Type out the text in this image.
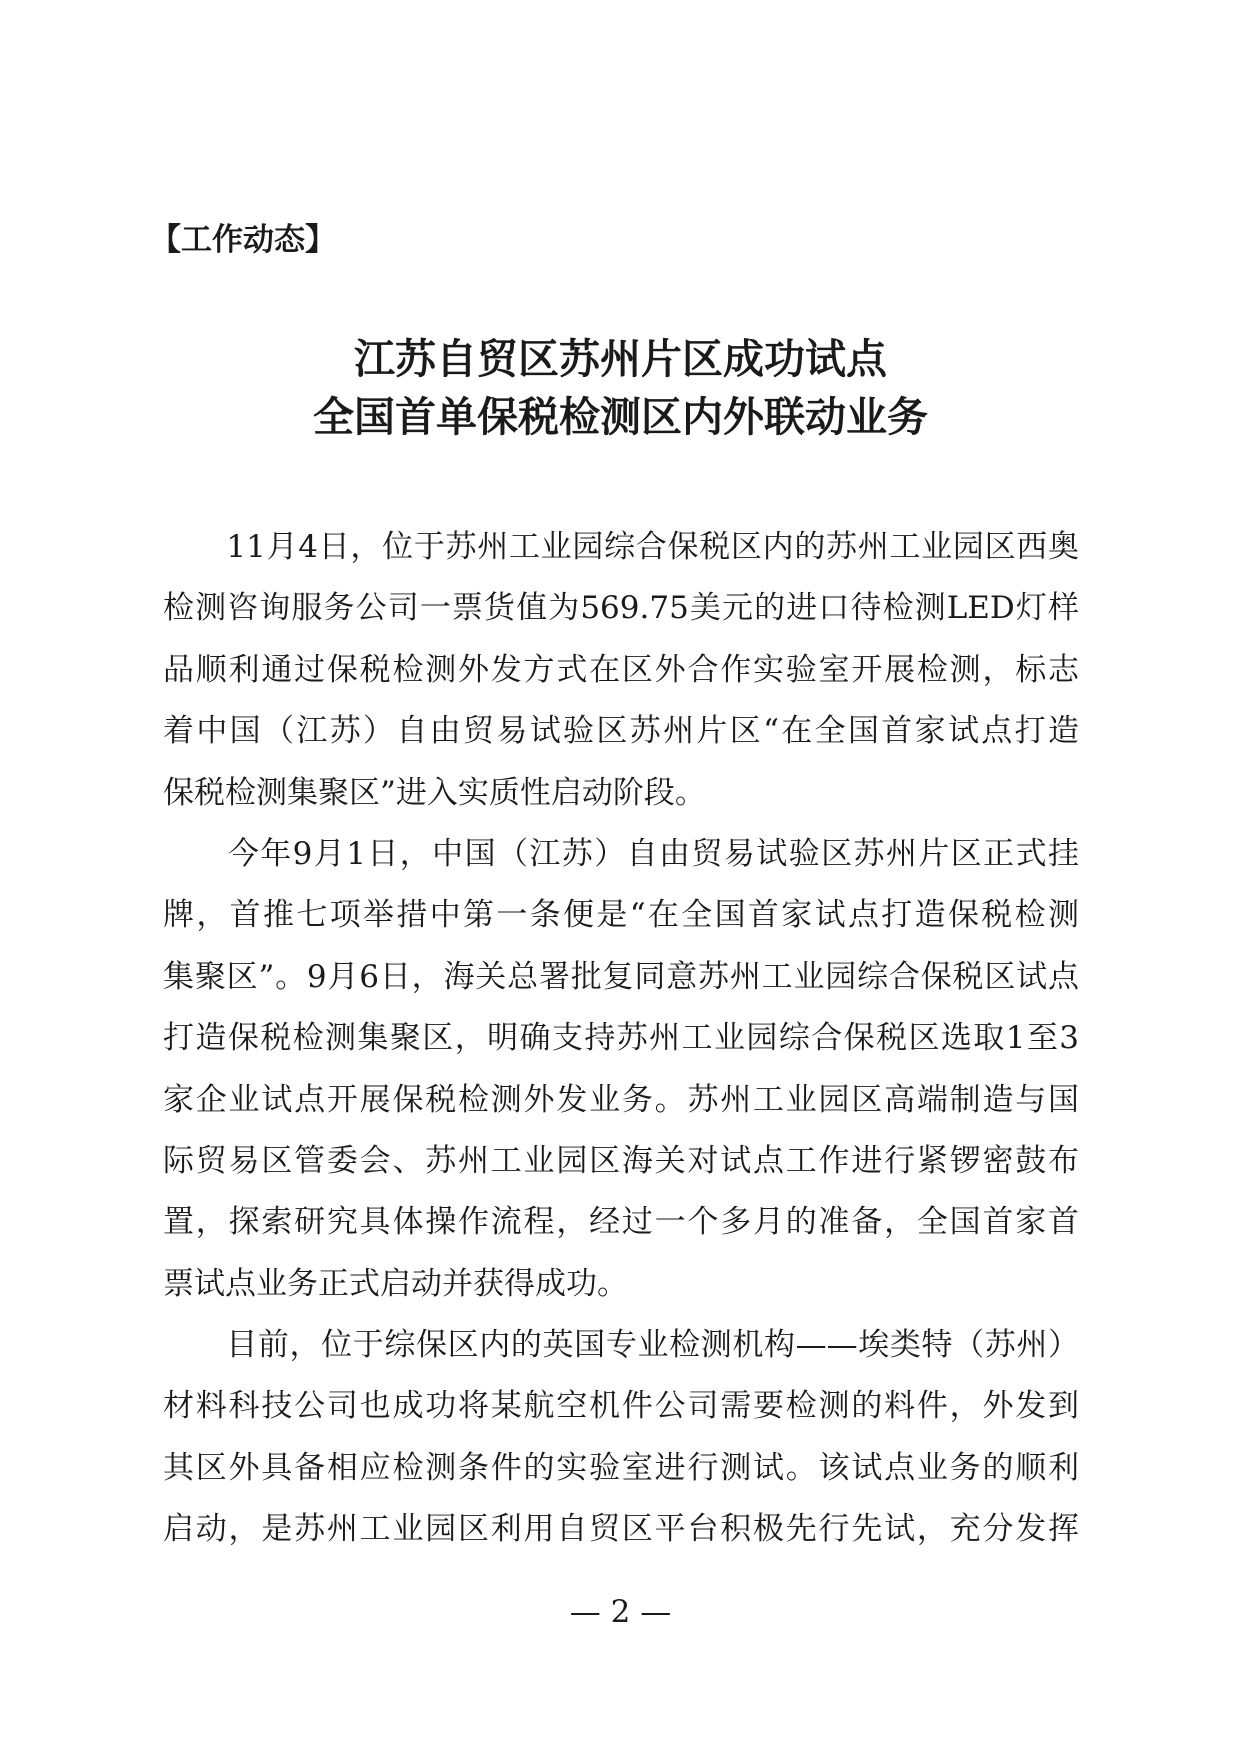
【工作动态】
江苏自贸区苏州片区成功试点
全国首单保税检测区内外联动业务
　　11月4日，位于苏州工业园综合保税区内的苏州工业园区西奥
检测咨询服务公司一票货值为569.75美元的进口待检测LED灯样
品顺利通过保税检测外发方式在区外合作实验室开展检测，标志
着中国（江苏）自由贸易试验区苏州片区“在全国首家试点打造
保税检测集聚区”进入实质性启动阶段。
　　今年9月1日，中国（江苏）自由贸易试验区苏州片区正式挂
牌，首推七项举措中第一条便是“在全国首家试点打造保税检测
集聚区”。9月6日，海关总署批复同意苏州工业园综合保税区试点
打造保税检测集聚区，明确支持苏州工业园综合保税区选取1至3
家企业试点开展保税检测外发业务。苏州工业园区高端制造与国
际贸易区管委会、苏州工业园区海关对试点工作进行紧锣密鼓布
置，探索研究具体操作流程，经过一个多月的准备，全国首家首
票试点业务正式启动并获得成功。
　　目前，位于综保区内的英国专业检测机构——埃类特（苏州）
材料科技公司也成功将某航空机件公司需要检测的料件，外发到
其区外具备相应检测条件的实验室进行测试。该试点业务的顺利
启动，是苏州工业园区利用自贸区平台积极先行先试，充分发挥
— 2 —
